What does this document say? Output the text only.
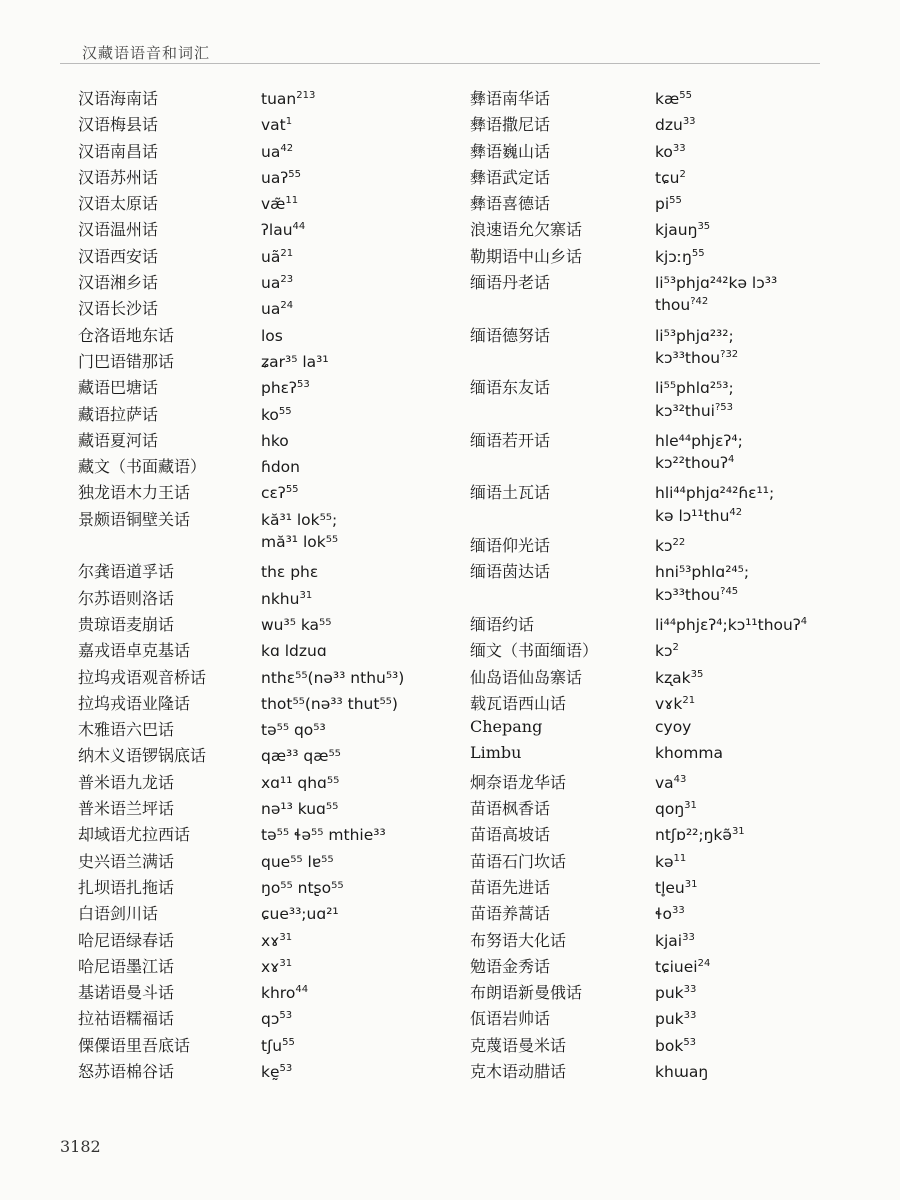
汉藏语语音和词汇
汉语海南话	tuan$^{213}$
汉语梅县话	vat$^1$
汉语南昌话	$ua^{42}$
汉语苏州话	uaʔ$^{55}$
汉语太原话	væ̃$^{11}$
汉语温州话	ʔlau$^{44}$
汉语西安话	$uã^{21}$
汉语湘乡话	$ua^{23}$
汉语长沙话	$ua^{24}$
仓洛语地东话	los
门巴语错那话	ʑar³⁵ la³¹
藏语巴塘话	phɛʔ$^{53}$
藏语拉萨话	$ko^{55}$
藏语夏河话	hko
藏文（书面藏语）	ɦdon
独龙语木力王话	cɛʔ$^{55}$
景颇语铜壁关话	kă³¹ lok⁵⁵;
mă³¹ lok⁵⁵
尔龚语道孚话	thɛ phɛ
尔苏语则洛话	nkhu$^{31}$
贵琼语麦崩话	wu³⁵ ka⁵⁵
嘉戎语卓克基话	kɑ ldzuɑ
拉坞戎语观音桥话	nthɛ⁵⁵(nə³³ nthu⁵³)
拉坞戎语业隆话	thot⁵⁵(nə³³ thut⁵⁵)
木雅语六巴话	tə⁵⁵ qo⁵³
纳木义语锣锅底话	qæ³³ qæ⁵⁵
普米语九龙话	xɑ¹¹ qhɑ⁵⁵
普米语兰坪话	nə¹³ kuɑ⁵⁵
却域语尤拉西话	tə⁵⁵ ɬə⁵⁵ mthie³³
史兴语兰满话	que⁵⁵ lɐ⁵⁵
扎坝语扎拖话	ŋo⁵⁵ ntʂo⁵⁵
白语剑川话	ɕue³³;uɑ²¹
哈尼语绿春话	xɤ$^{31}$
哈尼语墨江话	xɤ$^{31}$
基诺语曼斗话	khro$^{44}$
拉祜语糯福话	qɔ$^{53}$
傈僳语里吾底话	tʃu$^{55}$
怒苏语棉谷话	kḛ$^{53}$
彝语南华话	$kæ^{55}$
彝语撒尼话	dzu$^{33}$
彝语巍山话	$ko^{33}$
彝语武定话	tɕu$^2$
彝语喜德话	$pi^{55}$
浪速语允欠寨话	kjauŋ$^{35}$
勒期语中山乡话	kjɔːŋ$^{55}$
缅语丹老话	li⁵³phjɑ²⁴²kə lɔ³³
thou$^{?42}$
缅语德努话	li⁵³phjɑ²³²;
kɔ³³thou$^{?32}$
缅语东友话	li⁵⁵phlɑ²⁵³;
kɔ³²thui$^{?53}$
缅语若开话	hle⁴⁴phjɛʔ⁴;
kɔ²²thouʔ$^4$
缅语土瓦话	hli⁴⁴phjɑ²⁴²ɦɛ¹¹;
kə lɔ¹¹thu$^{42}$
缅语仰光话	kɔ$^{22}$
缅语茵达话	hni⁵³phlɑ²⁴⁵;
kɔ³³thou$^{?45}$
缅语约话	li⁴⁴phjɛʔ⁴;kɔ¹¹thouʔ$^4$
缅文（书面缅语）	kɔ$^2$
仙岛语仙岛寨话	kʐak$^{35}$
载瓦语西山话	vɤk$^{21}$
Chepang	cyoy
Limbu	khomma
炯奈语龙华话	$va^{43}$
苗语枫香话	qoŋ$^{31}$
苗语高坡话	ntʃɒ²²;ŋkə̃$^{31}$
苗语石门坎话	kə$^{11}$
苗语先进话	$tl̥eu^{31}$
苗语养蒿话	ɬo$^{33}$
布努语大化话	kjai$^{33}$
勉语金秀话	tɕiuei$^{24}$
布朗语新曼俄话	puk$^{33}$
佤语岩帅话	puk$^{33}$
克蔑语曼米话	bok$^{53}$
克木语动腊话	khɯaŋ
3182
